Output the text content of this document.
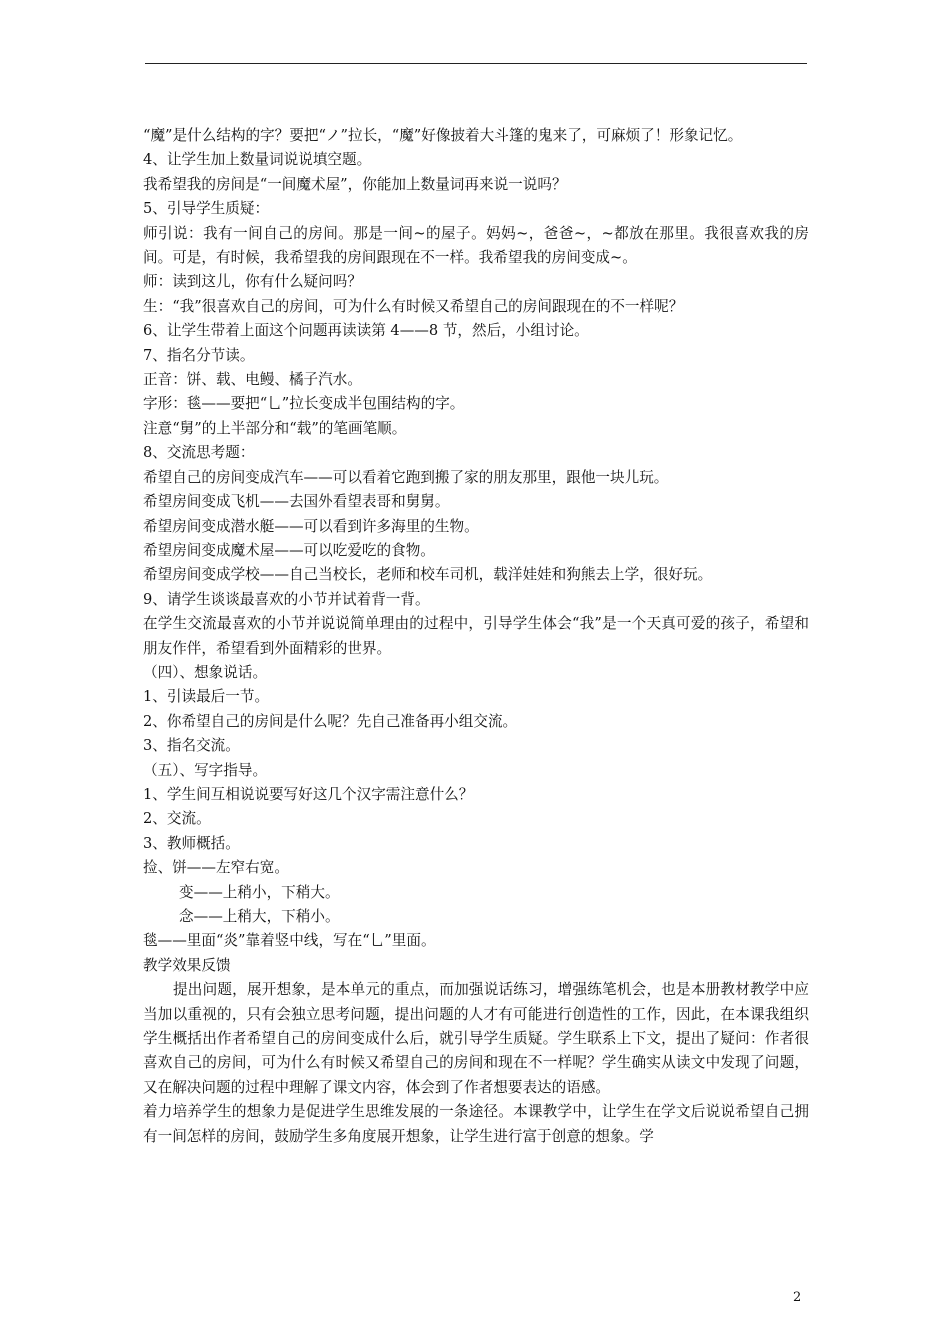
“魔”是什么结构的字？要把“ノ”拉长，“魔”好像披着大斗篷的鬼来了，可麻烦了！形象记忆。

4、让学生加上数量词说说填空题。

我希望我的房间是“一间魔术屋”，你能加上数量词再来说一说吗？

5、引导学生质疑：

师引说：我有一间自己的房间。那是一间~的屋子。妈妈~，爸爸~，~都放在那里。我很喜欢我的房间。可是，有时候，我希望我的房间跟现在不一样。我希望我的房间变成~。

师：读到这儿，你有什么疑问吗？

生：“我”很喜欢自己的房间，可为什么有时候又希望自己的房间跟现在的不一样呢？

6、让学生带着上面这个问题再读读第 4——8 节，然后，小组讨论。

7、指名分节读。

正音：饼、载、电鳗、橘子汽水。

字形：毯——要把“乚”拉长变成半包围结构的字。

注意“舅”的上半部分和“载”的笔画笔顺。

8、交流思考题：

希望自己的房间变成汽车——可以看着它跑到搬了家的朋友那里，跟他一块儿玩。

希望房间变成飞机——去国外看望表哥和舅舅。

希望房间变成潜水艇——可以看到许多海里的生物。

希望房间变成魔术屋——可以吃爱吃的食物。

希望房间变成学校——自己当校长，老师和校车司机，载洋娃娃和狗熊去上学，很好玩。

9、请学生谈谈最喜欢的小节并试着背一背。

在学生交流最喜欢的小节并说说简单理由的过程中，引导学生体会“我”是一个天真可爱的孩子，希望和朋友作伴，希望看到外面精彩的世界。

（四）、想象说话。

1、引读最后一节。

2、你希望自己的房间是什么呢？先自己准备再小组交流。

3、指名交流。

（五）、写字指导。

1、学生间互相说说要写好这几个汉字需注意什么？

2、交流。

3、教师概括。

捡、饼——左窄右宽。

变——上稍小，下稍大。

念——上稍大，下稍小。

毯——里面“炎”靠着竖中线，写在“乚”里面。

教学效果反馈

提出问题，展开想象，是本单元的重点，而加强说话练习，增强练笔机会，也是本册教材教学中应当加以重视的，只有会独立思考问题，提出问题的人才有可能进行创造性的工作，因此，在本课我组织学生概括出作者希望自己的房间变成什么后，就引导学生质疑。学生联系上下文，提出了疑问：作者很喜欢自己的房间，可为什么有时候又希望自己的房间和现在不一样呢？学生确实从读文中发现了问题，又在解决问题的过程中理解了课文内容，体会到了作者想要表达的语感。

着力培养学生的想象力是促进学生思维发展的一条途径。本课教学中，让学生在学文后说说希望自己拥有一间怎样的房间，鼓励学生多角度展开想象，让学生进行富于创意的想象。学

2
